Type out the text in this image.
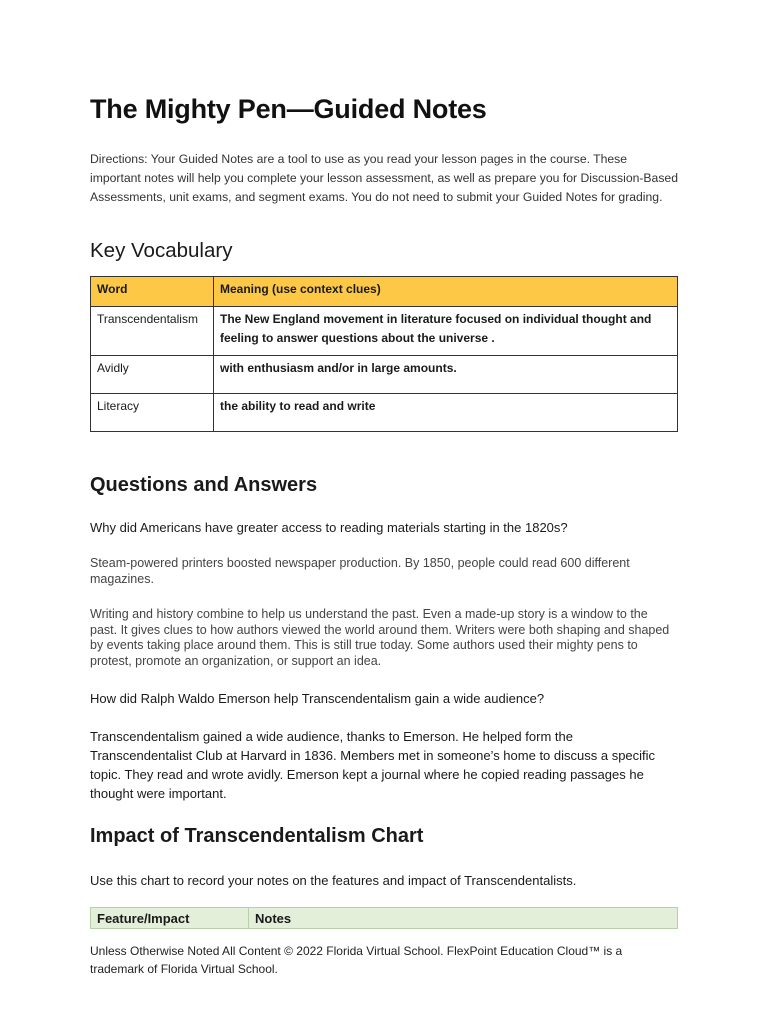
The Mighty Pen—Guided Notes

Directions: Your Guided Notes are a tool to use as you read your lesson pages in the course. These important notes will help you complete your lesson assessment, as well as prepare you for Discussion-Based Assessments, unit exams, and segment exams. You do not need to submit your Guided Notes for grading.

Key Vocabulary
Word	Meaning (use context clues)
Transcendentalism	The New England movement in literature focused on individual thought and feeling to answer questions about the universe .
Avidly	with enthusiasm and/or in large amounts.
Literacy	the ability to read and write
Questions and Answers

Why did Americans have greater access to reading materials starting in the 1820s?

Steam-powered printers boosted newspaper production. By 1850, people could read 600 different magazines.

Writing and history combine to help us understand the past. Even a made-up story is a window to the past. It gives clues to how authors viewed the world around them. Writers were both shaping and shaped by events taking place around them. This is still true today. Some authors used their mighty pens to protest, promote an organization, or support an idea.

How did Ralph Waldo Emerson help Transcendentalism gain a wide audience?

Transcendentalism gained a wide audience, thanks to Emerson. He helped form the Transcendentalist Club at Harvard in 1836. Members met in someone’s home to discuss a specific topic. They read and wrote avidly. Emerson kept a journal where he copied reading passages he thought were important.

Impact of Transcendentalism Chart

Use this chart to record your notes on the features and impact of Transcendentalists.

Feature/Impact	Notes

Unless Otherwise Noted All Content © 2022 Florida Virtual School. FlexPoint Education Cloud™ is a trademark of Florida Virtual School.
